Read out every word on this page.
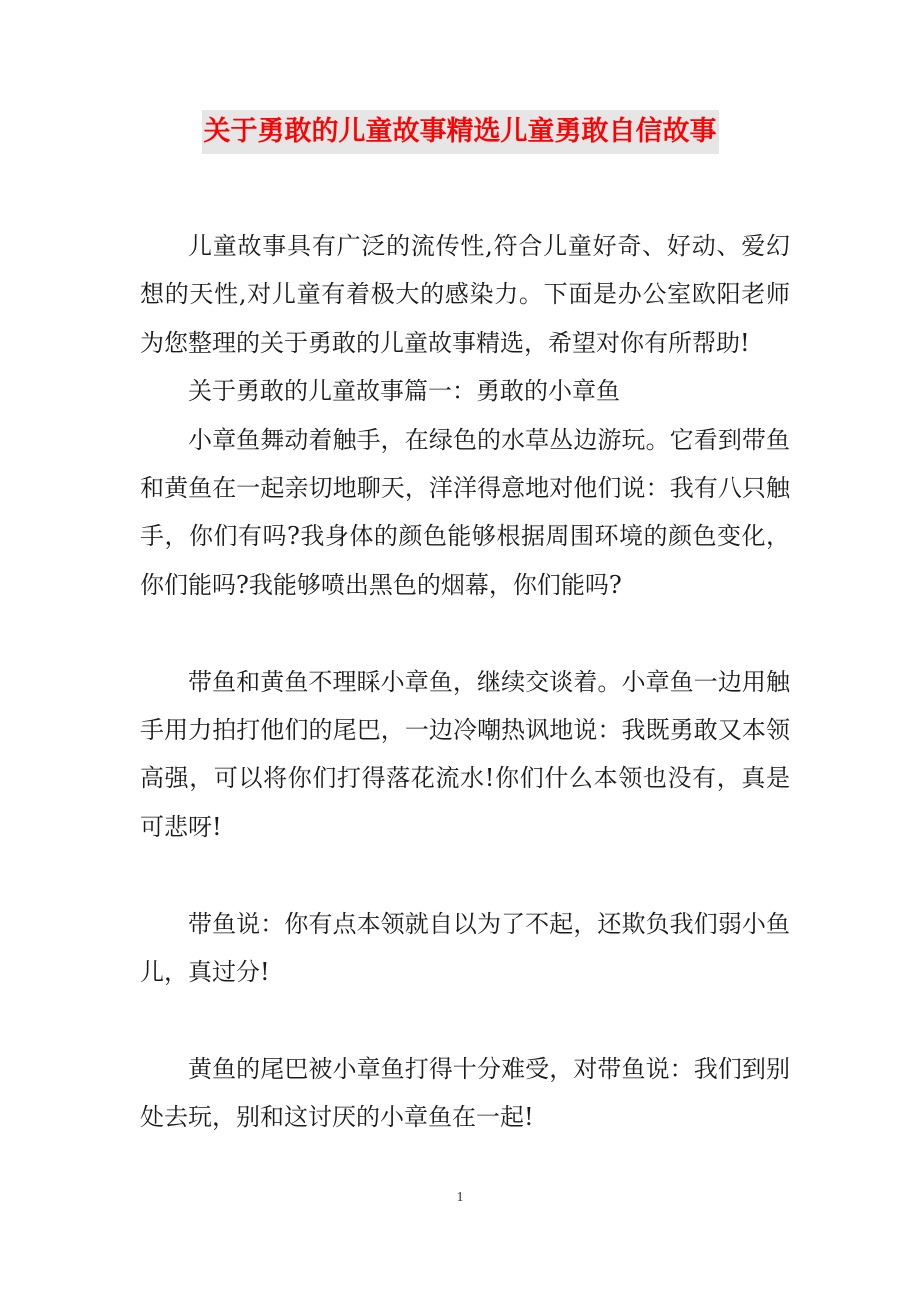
关于勇敢的儿童故事精选儿童勇敢自信故事

儿童故事具有广泛的流传性,符合儿童好奇、好动、爱幻想的天性,对儿童有着极大的感染力。下面是办公室欧阳老师为您整理的关于勇敢的儿童故事精选，希望对你有所帮助!

关于勇敢的儿童故事篇一：勇敢的小章鱼

小章鱼舞动着触手，在绿色的水草丛边游玩。它看到带鱼和黄鱼在一起亲切地聊天，洋洋得意地对他们说：我有八只触手，你们有吗?我身体的颜色能够根据周围环境的颜色变化，你们能吗?我能够喷出黑色的烟幕，你们能吗?

带鱼和黄鱼不理睬小章鱼，继续交谈着。小章鱼一边用触手用力拍打他们的尾巴，一边冷嘲热讽地说：我既勇敢又本领高强，可以将你们打得落花流水!你们什么本领也没有，真是可悲呀!

带鱼说：你有点本领就自以为了不起，还欺负我们弱小鱼儿，真过分!

黄鱼的尾巴被小章鱼打得十分难受，对带鱼说：我们到别处去玩，别和这讨厌的小章鱼在一起!

1
